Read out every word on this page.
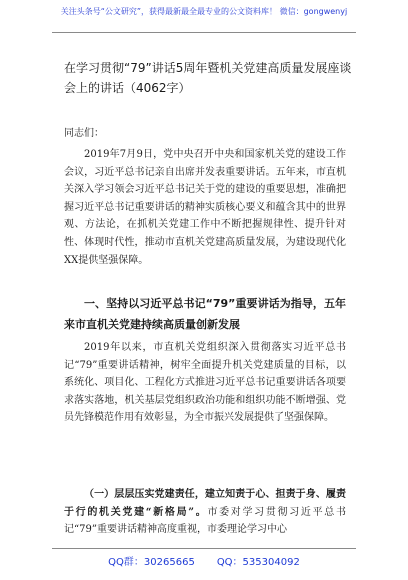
关注头条号“公文研究”，获得最新最全最专业的公文资料库！ 微信：gongwenyj
在学习贯彻“79”讲话5周年暨机关党建高质量发展座谈会上的讲话（4062字）
同志们：
2019年7月9日，党中央召开中央和国家机关党的建设工作会议，习近平总书记亲自出席并发表重要讲话。五年来，市直机关深入学习领会习近平总书记关于党的建设的重要思想，准确把握习近平总书记重要讲话的精神实质核心要义和蕴含其中的世界观、方法论，在抓机关党建工作中不断把握规律性、提升针对性、体现时代性，推动市直机关党建高质量发展，为建设现代化XX提供坚强保障。
一、坚持以习近平总书记“79”重要讲话为指导，五年来市直机关党建持续高质量创新发展
2019年以来，市直机关党组织深入贯彻落实习近平总书记“79”重要讲话精神，树牢全面提升机关党建质量的目标，以系统化、项目化、工程化方式推进习近平总书记重要讲话各项要求落实落地，机关基层党组织政治功能和组织功能不断增强、党员先锋模范作用有效彰显，为全市振兴发展提供了坚强保障。
（一）层层压实党建责任，建立知责于心、担责于身、履责于行的机关党建“新格局”。市委对学习贯彻习近平总书记“79”重要讲话精神高度重视，市委理论学习中心
QQ群：30265665 QQ：535304092
